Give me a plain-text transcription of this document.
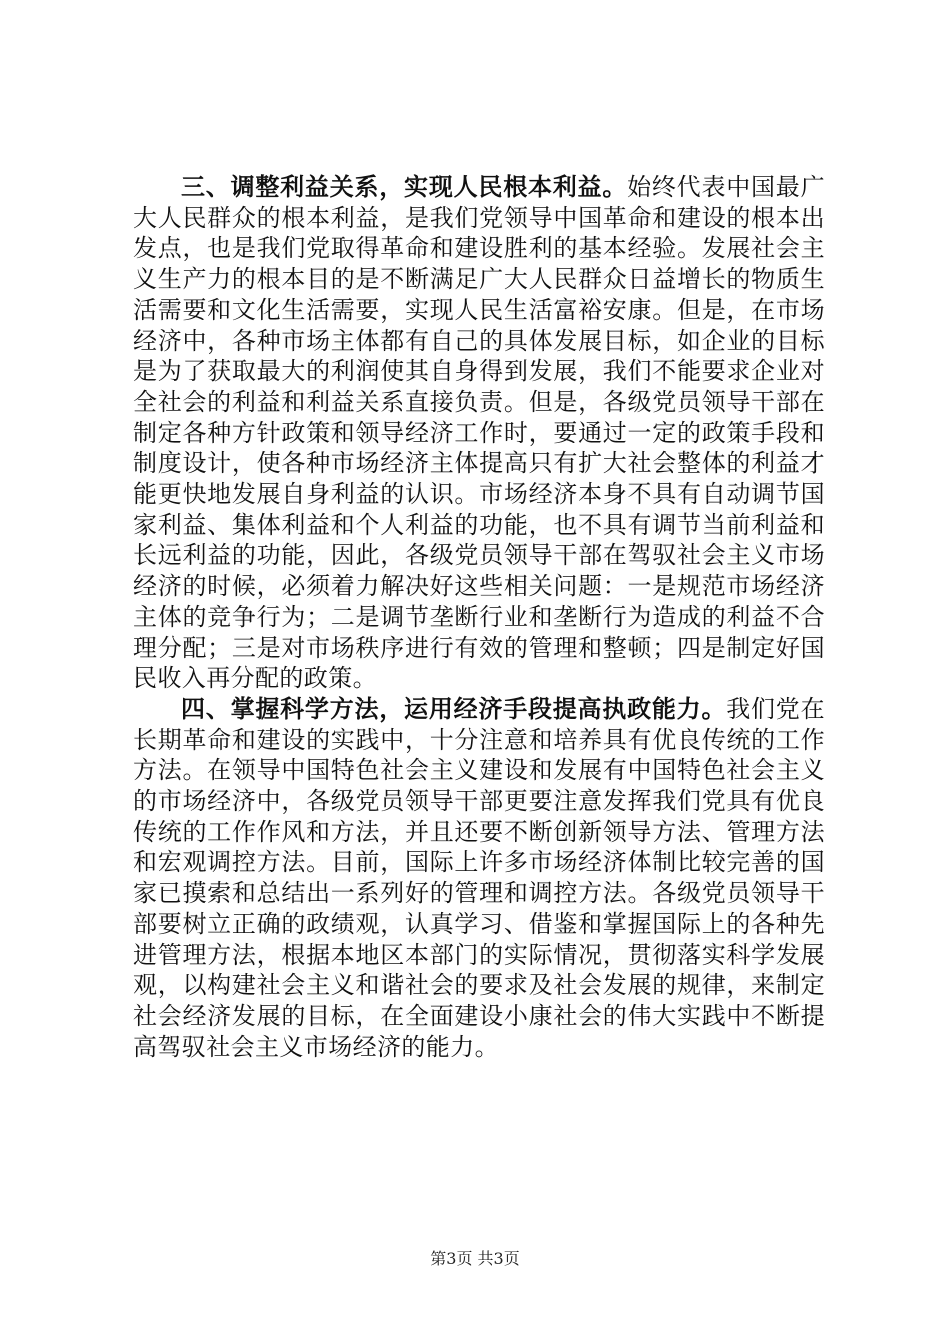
三、调整利益关系，实现人民根本利益。始终代表中国最广大人民群众的根本利益，是我们党领导中国革命和建设的根本出发点，也是我们党取得革命和建设胜利的基本经验。发展社会主义生产力的根本目的是不断满足广大人民群众日益增长的物质生活需要和文化生活需要，实现人民生活富裕安康。但是，在市场经济中，各种市场主体都有自己的具体发展目标，如企业的目标是为了获取最大的利润使其自身得到发展，我们不能要求企业对全社会的利益和利益关系直接负责。但是，各级党员领导干部在制定各种方针政策和领导经济工作时，要通过一定的政策手段和制度设计，使各种市场经济主体提高只有扩大社会整体的利益才能更快地发展自身利益的认识。市场经济本身不具有自动调节国家利益、集体利益和个人利益的功能，也不具有调节当前利益和长远利益的功能，因此，各级党员领导干部在驾驭社会主义市场经济的时候，必须着力解决好这些相关问题：一是规范市场经济主体的竞争行为；二是调节垄断行业和垄断行为造成的利益不合理分配；三是对市场秩序进行有效的管理和整顿；四是制定好国民收入再分配的政策。

四、掌握科学方法，运用经济手段提高执政能力。我们党在长期革命和建设的实践中，十分注意和培养具有优良传统的工作方法。在领导中国特色社会主义建设和发展有中国特色社会主义的市场经济中，各级党员领导干部更要注意发挥我们党具有优良传统的工作作风和方法，并且还要不断创新领导方法、管理方法和宏观调控方法。目前，国际上许多市场经济体制比较完善的国家已摸索和总结出一系列好的管理和调控方法。各级党员领导干部要树立正确的政绩观，认真学习、借鉴和掌握国际上的各种先进管理方法，根据本地区本部门的实际情况，贯彻落实科学发展观，以构建社会主义和谐社会的要求及社会发展的规律，来制定社会经济发展的目标，在全面建设小康社会的伟大实践中不断提高驾驭社会主义市场经济的能力。

第3页 共3页
